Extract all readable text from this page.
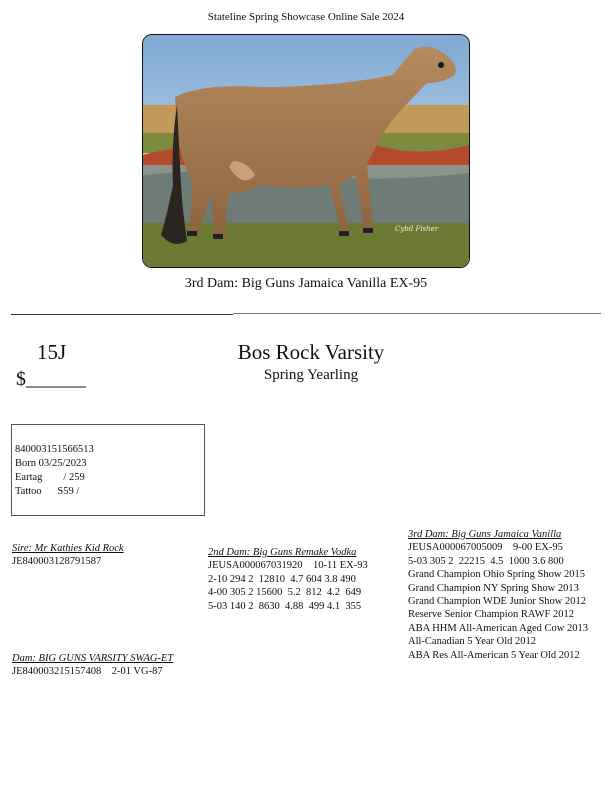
Stateline Spring Showcase Online Sale 2024
Cybil Fisher
3rd Dam: Big Guns Jamaica Vanilla EX-95
15J
$______
Bos Rock Varsity
Spring Yearling
840003151566513
Born 03/25/2023
Eartag        / 259
Tattoo      S59 /
Sire: Mr Kathies Kid Rock
JE840003128791587
Dam: BIG GUNS VARSITY SWAG-ET
JE840003215157408    2-01 VG-87
2nd Dam: Big Guns Remake Vodka
JEUSA000067031920    10-11 EX-93
2-10 294 2  12810  4.7 604 3.8 490
4-00 305 2 15600  5.2  812  4.2  649
5-03 140 2  8630  4.88  499 4.1  355
3rd Dam: Big Guns Jamaica Vanilla
JEUSA000067005009    9-00 EX-95
5-03 305 2  22215  4.5  1000 3.6 800
Grand Champion Ohio Spring Show 2015
Grand Champion NY Spring Show 2013
Grand Champion WDE Junior Show 2012
Reserve Senior Champion RAWF 2012
ABA HHM All-American Aged Cow 2013
All-Canadian 5 Year Old 2012
ABA Res All-American 5 Year Old 2012
